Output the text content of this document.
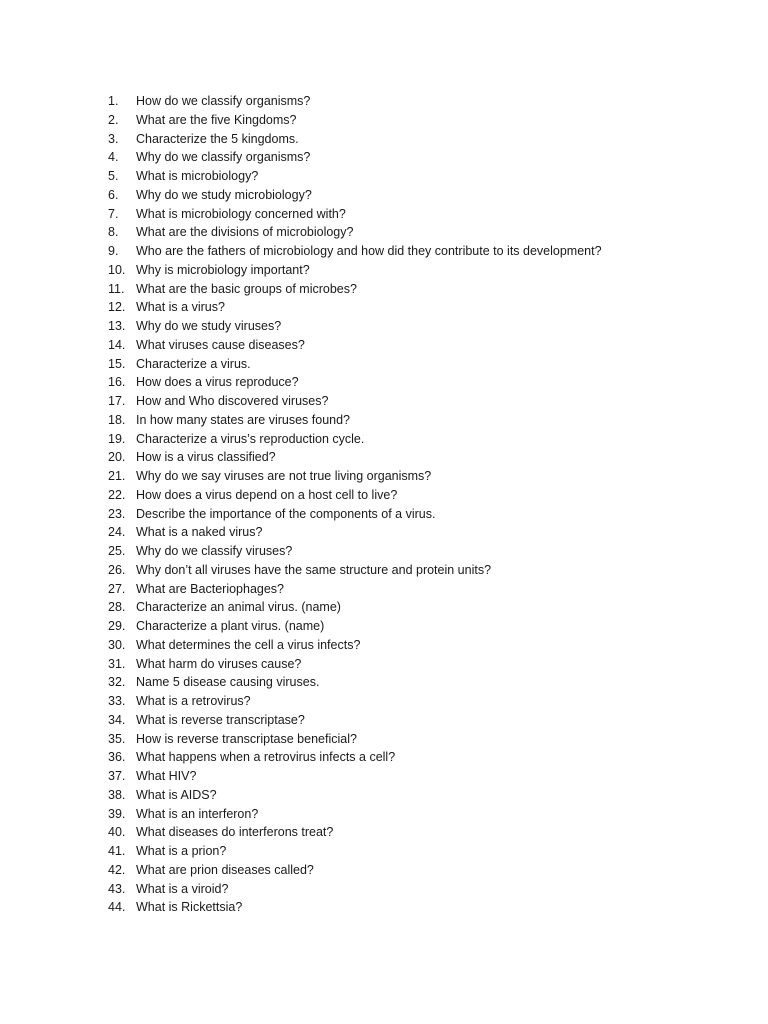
1.	How do we classify organisms?
2.	What are the five Kingdoms?
3.	Characterize the 5 kingdoms.
4.	Why do we classify organisms?
5.	What is microbiology?
6.	Why do we study microbiology?
7.	What is microbiology concerned with?
8.	What are the divisions of microbiology?
9.	Who are the fathers of microbiology and how did they contribute to its development?
10. Why is microbiology important?
11. What are the basic groups of microbes?
12. What is a virus?
13. Why do we study viruses?
14. What viruses cause diseases?
15. Characterize a virus.
16. How does a virus reproduce?
17. How and Who discovered viruses?
18. In how many states are viruses found?
19. Characterize a virus’s reproduction cycle.
20. How is a virus classified?
21. Why do we say viruses are not true living organisms?
22. How does a virus depend on a host cell to live?
23. Describe the importance of the components of a virus.
24. What is a naked virus?
25. Why do we classify viruses?
26. Why don’t all viruses have the same structure and protein units?
27. What are Bacteriophages?
28. Characterize an animal virus. (name)
29. Characterize a plant virus. (name)
30. What determines the cell a virus infects?
31. What harm do viruses cause?
32. Name 5 disease causing viruses.
33. What is a retrovirus?
34. What is reverse transcriptase?
35. How is reverse transcriptase beneficial?
36. What happens when a retrovirus infects a cell?
37. What HIV?
38. What is AIDS?
39. What is an interferon?
40. What diseases do interferons treat?
41. What is a prion?
42. What are prion diseases called?
43. What is a viroid?
44. What is Rickettsia?
